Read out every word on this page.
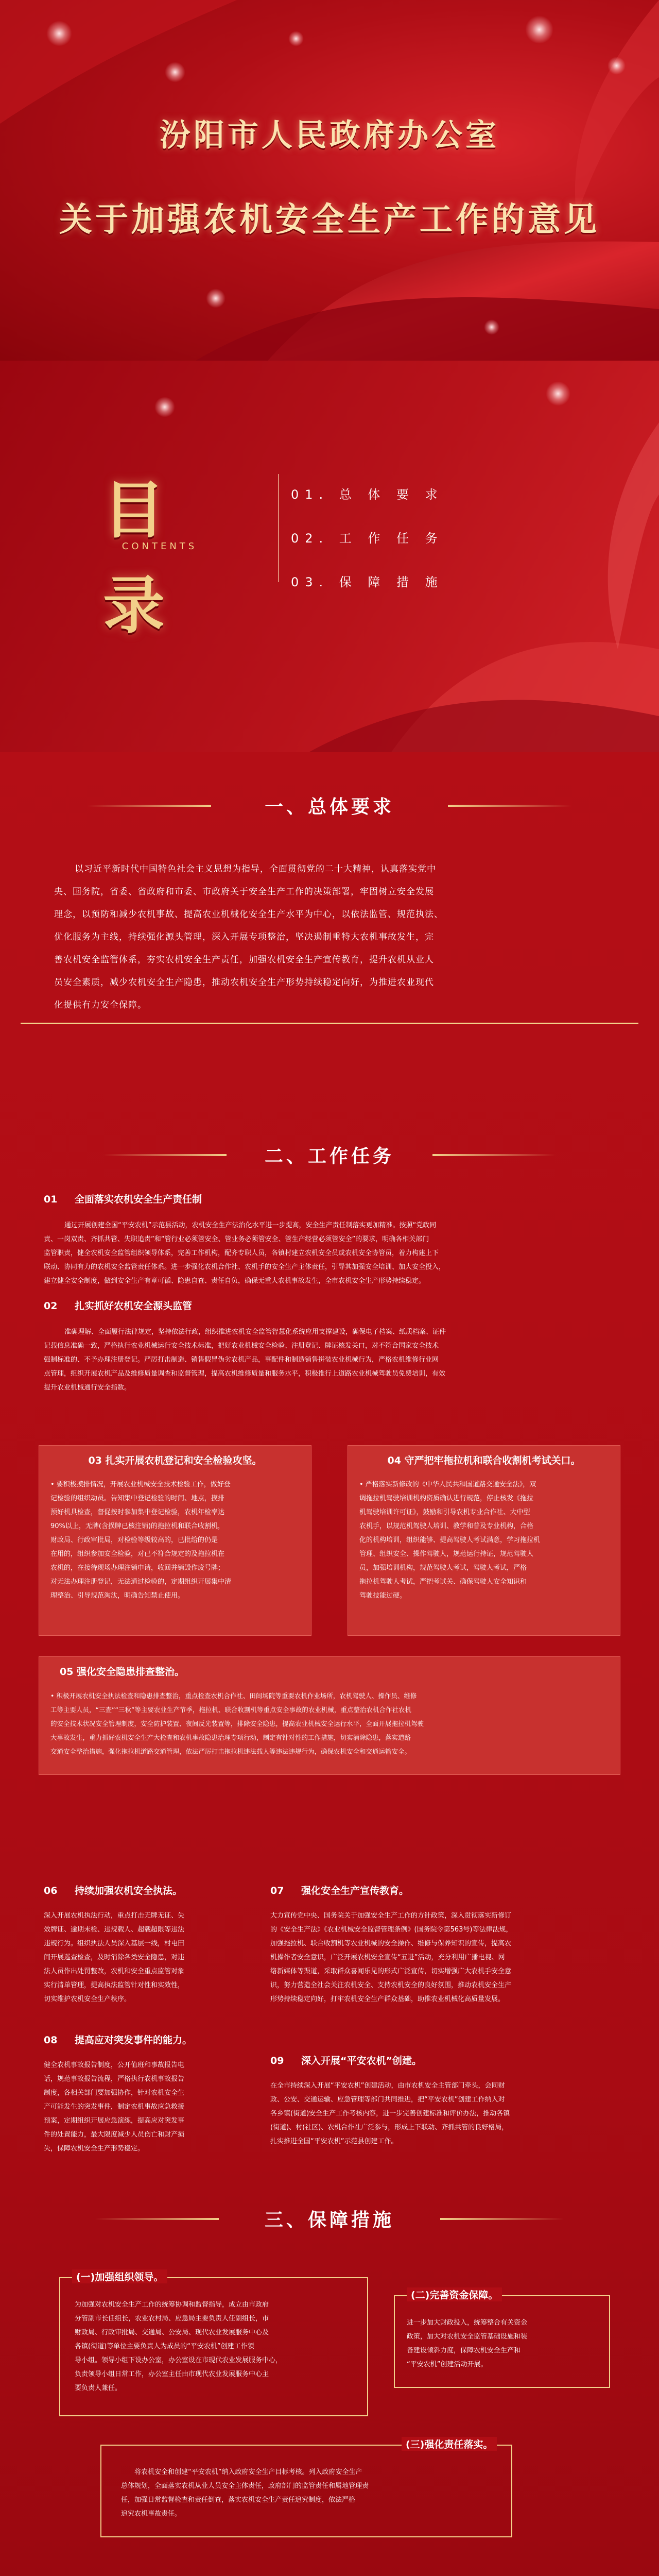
汾阳市人民政府办公室
关于加强农机安全生产工作的意见
目
CONTENTS
录
01. 总 体 要 求
02. 工 作 任 务
03. 保 障 措 施
一、总体要求
以习近平新时代中国特色社会主义思想为指导，全面贯彻党的二十大精神，认真落实党中
央、国务院，省委、省政府和市委、市政府关于安全生产工作的决策部署，牢固树立安全发展
理念，以预防和减少农机事故、提高农业机械化安全生产水平为中心，以依法监管、规范执法、
优化服务为主线，持续强化源头管理，深入开展专项整治，坚决遏制重特大农机事故发生，完
善农机安全监管体系，夯实农机安全生产责任，加强农机安全生产宣传教育，提升农机从业人
员安全素质，减少农机安全生产隐患，推动农机安全生产形势持续稳定向好，为推进农业现代
化提供有力安全保障。
二、工作任务
01 全面落实农机安全生产责任制
通过开展创建全国“平安农机”示范县活动，农机安全生产法治化水平进一步提高，安全生产责任制落实更加精准。按照“党政同
责、一岗双责、齐抓共管、失职追责”和“管行业必须管安全、管业务必须管安全、管生产经营必须管安全”的要求，明确各相关部门
监管职责，健全农机安全监管组织领导体系，完善工作机构，配齐专职人员，各镇村建立农机安全员或农机安全协管员，着力构建上下
联动、协同有力的农机安全监管责任体系。进一步强化农机合作社、农机手的安全生产主体责任，引导其加强安全培训、加大安全投入，
建立健全安全制度，做到安全生产有章可循、隐患自查、责任自负，确保无重大农机事故发生，全市农机安全生产形势持续稳定。
02 扎实抓好农机安全源头监管
准确理解、全面履行法律规定，坚持依法行政，组织推进农机安全监管智慧化系统应用支撑建设，确保电子档案、纸质档案、证件
记载信息准确一致，严格执行农业机械运行安全技术标准，把好农业机械安全检验、注册登记、牌证核发关口，对不符合国家安全技术
强制标准的、不予办理注册登记。严厉打击制造、销售假冒伪劣农机产品，事配件和制造销售拼装农业机械行为，严格农机维修行业网
点管理，组织开展农机产品及维修质量调查和监督管理，提高农机维修质量和服务水平，积极推行上道路农业机械驾驶员免费培训，有效
提升农业机械通行安全指数。
03 扎实开展农机登记和安全检验攻坚。
• 要积极摸排情况，开展农业机械安全技术检验工作，做好登
记检验的组织动员。告知集中登记检验的时间、地点，摸排
预好机具检查，督促按时参加集中登记检验，农机年检率达
90%以上，无牌(含损牌已核注销)的拖拉机和联合收割机，
财政局、行政审批局，对检验等级较高的，已批给的仍是
在用的，组织参加安全检验，对已不符合规定的及拖拉机在
农机的，在接待现场办理注销申请，收回并销毁作废号牌；
对无法办理注册登记，无法通过检验的，定期组织开展集中清
理整治、引导规范淘汰，明确告知禁止使用。
04 守严把牢拖拉机和联合收割机考试关口。
• 严格落实新修改的《中华人民共和国道路交通安全法》，双
调拖拉机驾驶培训机构资质确认进行规范，停止核发《拖拉
机驾驶培训许可证》，鼓励和引导农机专业合作社、大中型
农机手，以规范机驾驶人培训、教学和普及专业机构，合格
化的机构培训，组织能够、提高驾驶人考试满意，学习拖拉机
管理、组织安全、操作驾驶人，规范运行持证，规范驾驶人
员，加强培训机构，规范驾驶人考试，驾驶人考试，严格
拖拉机驾驶人考试，严把考试关、确保驾驶人安全知识和
驾驶技能过硬。
05 强化安全隐患排查整治。
• 积极开展农机安全执法检查和隐患排查整治，重点检查农机合作社、田间场院等重要农机作业场所，农机驾驶人、操作员、维修
工等主要人员，“三查”“三秋”等主要农业生产节季，拖拉机、联合收割机等重点安全事故的农业机械，重点整治农机合作社农机
的安全技术状况安全管理制度，安全防护装置、夜间反光装置等，排除安全隐患，提高农业机械安全运行水平，全面开展拖拉机驾驶
大事故发生，重力抓好农机安全生产大检查和农机事故隐患治理专项行动，制定有针对性的工作措施，切实消除隐患，落实道路
交通安全整治措施，强化拖拉机道路交通管理，依法严厉打击拖拉机违法载人等违法违规行为，确保农机安全和交通运输安全。
06 持续加强农机安全执法。
深入开展农机执法行动，重点打击无牌无证、失
效牌证、逾期未检、违规载人、超载超限等违法
违规行为。组织执法人员深入基层一线，村屯田
间开展巡查检查，及时消除各类安全隐患，对违
法人员作出处罚整改，农机和安全重点监管对象
实行清单管理，提高执法监管针对性和实效性，
切实维护农机安全生产秩序。
07 强化安全生产宣传教育。
大力宣传党中央、国务院关于加强安全生产工作的方针政策，深入贯彻落实新修订
的《安全生产法》《农业机械安全监督管理条例》(国务院令第563号)等法律法规，
加强拖拉机、联合收割机等农业机械的安全操作、维修与保养知识的宣传，提高农
机操作者安全意识，广泛开展农机安全宣传“五进”活动，充分利用广播电视、网
络新媒体等渠道，采取群众喜闻乐见的形式广泛宣传，切实增强广大农机手安全意
识，努力营造全社会关注农机安全、支持农机安全的良好氛围，推动农机安全生产
形势持续稳定向好，打牢农机安全生产群众基础，助推农业机械化高质量发展。
08 提高应对突发事件的能力。
健全农机事故报告制度，公开值班和事故报告电
话，规范事故报告流程，严格执行农机事故报告
制度，各相关部门要加强协作，针对农机安全生
产可能发生的突发事件，制定农机事故应急救援
预案，定期组织开展应急演练，提高应对突发事
件的处置能力，最大限度减少人员伤亡和财产损
失，保障农机安全生产形势稳定。
09 深入开展“平安农机”创建。
在全市持续深入开展“平安农机”创建活动，由市农机安全主管部门牵头，会同财
政、公安、交通运输、应急管理等部门共同推进，把“平安农机”创建工作纳入对
各乡镇(街道)安全生产工作考核内容，进一步完善创建标准和评价办法，推动各镇
(街道)、村(社区)、农机合作社广泛参与，形成上下联动、齐抓共管的良好格局，
扎实推进全国“平安农机”示范县创建工作。
三、保障措施
(一)加强组织领导。
为加强对农机安全生产工作的统筹协调和监督指导，成立由市政府
分管副市长任组长，农业农村局、应急局主要负责人任副组长，市
财政局、行政审批局、交通局、公安局、现代农业发展服务中心及
各镇(街道)等单位主要负责人为成员的“平安农机”创建工作领
导小组。领导小组下设办公室，办公室设在市现代农业发展服务中心，
负责领导小组日常工作，办公室主任由市现代农业发展服务中心主
要负责人兼任。
(二)完善资金保障。
进一步加大财政投入，统筹整合有关资金
政策，加大对农机安全监管基础设施和装
备建设倾斜力度，保障农机安全生产和
“平安农机”创建活动开展。
(三)强化责任落实。
将农机安全和创建“平安农机”纳入政府安全生产目标考核。列入政府安全生产
总体规划，全面落实农机从业人员安全主体责任，政府部门的监管责任和属地管理责
任，加强日常监督检查和责任倒查，落实农机安全生产责任追究制度，依法严格
追究农机事故责任。
